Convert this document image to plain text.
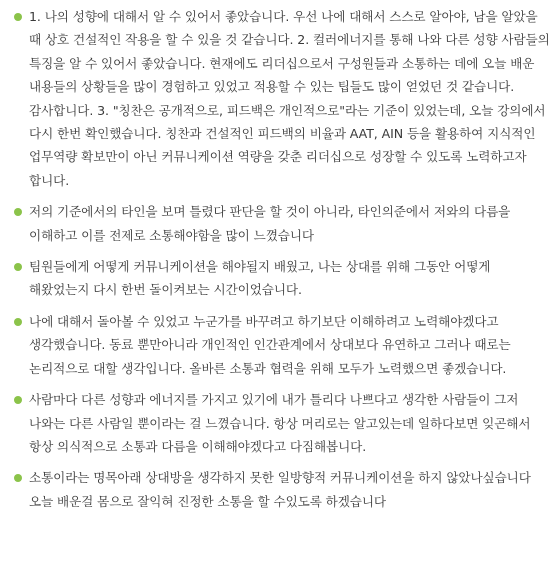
1. 나의 성향에 대해서 알 수 있어서 좋았습니다. 우선 나에 대해서 스스로 알아야, 남을 알았을 때 상호 건설적인 작용을 할 수 있을 것 같습니다. 2. 컬러에너지를 통해 나와 다른 성향 사람들의 특징을 알 수 있어서 좋았습니다. 현재에도 리더십으로서 구성원들과 소통하는 데에 오늘 배운 내용들의 상황들을 많이 경험하고 있었고 적용할 수 있는 팁들도 많이 얻었던 것 같습니다. 감사합니다. 3. "칭찬은 공개적으로, 피드백은 개인적으로"라는 기준이 있었는데, 오늘 강의에서 다시 한번 확인했습니다. 칭찬과 건설적인 피드백의 비율과 AAT, AIN 등을 활용하여 지식적인 업무역량 확보만이 아닌 커뮤니케이션 역량을 갖춘 리더십으로 성장할 수 있도록 노력하고자 합니다.
저의 기준에서의 타인을 보며 틀렸다 판단을 할 것이 아니라, 타인의준에서 저와의 다름을 이해하고 이를 전제로 소통해야함을 많이 느꼈습니다
팀원들에게 어떻게 커뮤니케이션을 해야될지 배웠고, 나는 상대를 위해 그동안 어떻게 해왔었는지 다시 한번 돌이켜보는 시간이었습니다.
나에 대해서 돌아볼 수 있었고 누군가를 바꾸려고 하기보단 이해하려고 노력해야겠다고 생각했습니다. 동료 뿐만아니라 개인적인 인간관계에서 상대보다 유연하고 그러나 때로는 논리적으로 대할 생각입니다. 올바른 소통과 협력을 위해 모두가 노력했으면 좋겠습니다.
사람마다 다른 성향과 에너지를 가지고 있기에 내가 틀리다 나쁘다고 생각한 사람들이 그저 나와는 다른 사람일 뿐이라는 걸 느꼈습니다. 항상 머리로는 알고있는데 일하다보면 잊곤해서 항상 의식적으로 소통과 다름을 이해해야겠다고 다짐해봅니다.
소통이라는 명목아래 상대방을 생각하지 못한 일방향적 커뮤니케이션을 하지 않았나싶습니다 오늘 배운걸 몸으로 잘익혀 진정한 소통을 할 수있도록 하겠습니다
